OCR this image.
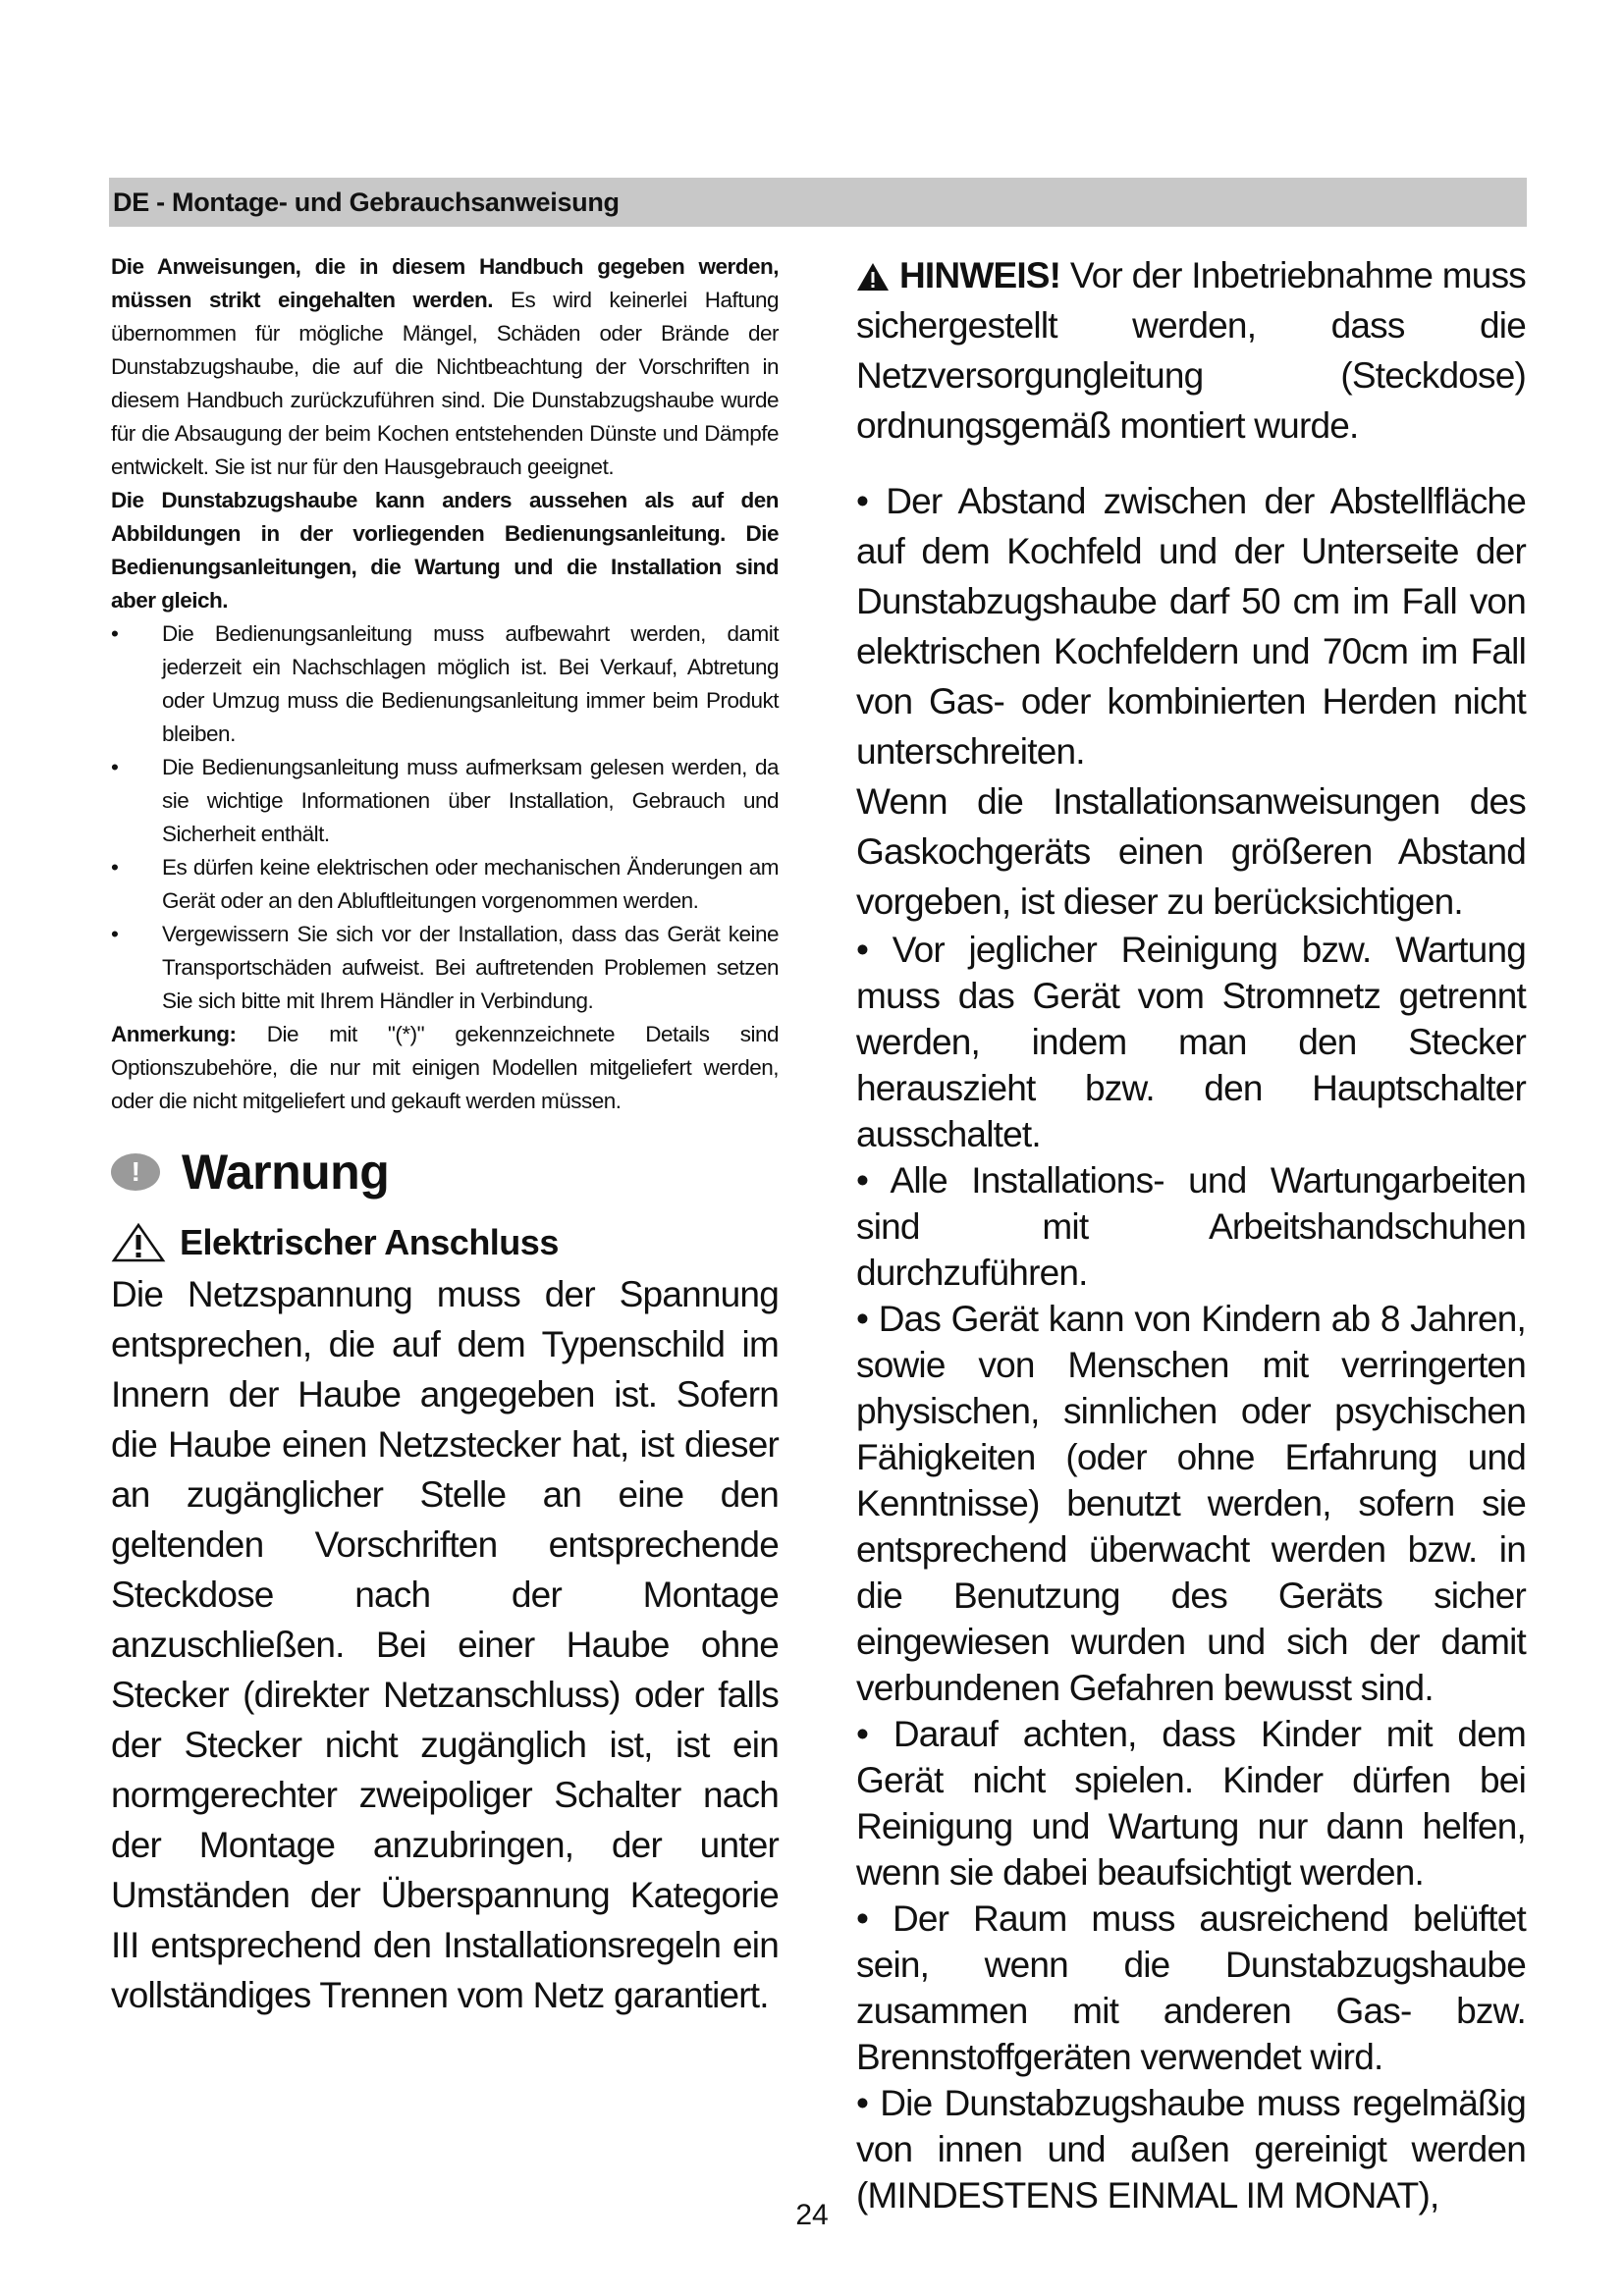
DE - Montage- und Gebrauchsanweisung

Die Anweisungen, die in diesem Handbuch gegeben werden, müssen strikt eingehalten werden. Es wird keinerlei Haftung übernommen für mögliche Mängel, Schäden oder Brände der Dunstabzugshaube, die auf die Nichtbeachtung der Vorschriften in diesem Handbuch zurückzuführen sind. Die Dunstabzugshaube wurde für die Absaugung der beim Kochen entstehenden Dünste und Dämpfe entwickelt. Sie ist nur für den Hausgebrauch geeignet.

Die Dunstabzugshaube kann anders aussehen als auf den Abbildungen in der vorliegenden Bedienungsanleitung. Die Bedienungsanleitungen, die Wartung und die Installation sind aber gleich.

• Die Bedienungsanleitung muss aufbewahrt werden, damit jederzeit ein Nachschlagen möglich ist. Bei Verkauf, Abtretung oder Umzug muss die Bedienungsanleitung immer beim Produkt bleiben.
• Die Bedienungsanleitung muss aufmerksam gelesen werden, da sie wichtige Informationen über Installation, Gebrauch und Sicherheit enthält.
• Es dürfen keine elektrischen oder mechanischen Änderungen am Gerät oder an den Abluftleitungen vorgenommen werden.
• Vergewissern Sie sich vor der Installation, dass das Gerät keine Transportschäden aufweist. Bei auftretenden Problemen setzen Sie sich bitte mit Ihrem Händler in Verbindung.

Anmerkung: Die mit "(*)" gekennzeichnete Details sind Optionszubehöre, die nur mit einigen Modellen mitgeliefert werden, oder die nicht mitgeliefert und gekauft werden müssen.

! Warnung
Elektrischer Anschluss

Die Netzspannung muss der Spannung entsprechen, die auf dem Typenschild im Innern der Haube angegeben ist. Sofern die Haube einen Netzstecker hat, ist dieser an zugänglicher Stelle an eine den geltenden Vorschriften entsprechende Steckdose nach der Montage anzuschließen. Bei einer Haube ohne Stecker (direkter Netzanschluss) oder falls der Stecker nicht zugänglich ist, ist ein normgerechter zweipoliger Schalter nach der Montage anzubringen, der unter Umständen der Überspannung Kategorie III entsprechend den Installationsregeln ein vollständiges Trennen vom Netz garantiert.

HINWEIS! Vor der Inbetriebnahme muss sichergestellt werden, dass die Netzversorgungleitung (Steckdose) ordnungsgemäß montiert wurde.

• Der Abstand zwischen der Abstellfläche auf dem Kochfeld und der Unterseite der Dunstabzugshaube darf 50 cm im Fall von elektrischen Kochfeldern und 70cm im Fall von Gas- oder kombinierten Herden nicht unterschreiten.

Wenn die Installationsanweisungen des Gaskochgeräts einen größeren Abstand vorgeben, ist dieser zu berücksichtigen.

• Vor jeglicher Reinigung bzw. Wartung muss das Gerät vom Stromnetz getrennt werden, indem man den Stecker herauszieht bzw. den Hauptschalter ausschaltet.

• Alle Installations- und Wartungarbeiten sind mit Arbeitshandschuhen durchzuführen.

• Das Gerät kann von Kindern ab 8 Jahren, sowie von Menschen mit verringerten physischen, sinnlichen oder psychischen Fähigkeiten (oder ohne Erfahrung und Kenntnisse) benutzt werden, sofern sie entsprechend überwacht werden bzw. in die Benutzung des Geräts sicher eingewiesen wurden und sich der damit verbundenen Gefahren bewusst sind.

• Darauf achten, dass Kinder mit dem Gerät nicht spielen. Kinder dürfen bei Reinigung und Wartung nur dann helfen, wenn sie dabei beaufsichtigt werden.

• Der Raum muss ausreichend belüftet sein, wenn die Dunstabzugshaube zusammen mit anderen Gas- bzw. Brennstoffgeräten verwendet wird.

• Die Dunstabzugshaube muss regelmäßig von innen und außen gereinigt werden (MINDESTENS EINMAL IM MONAT),

24
